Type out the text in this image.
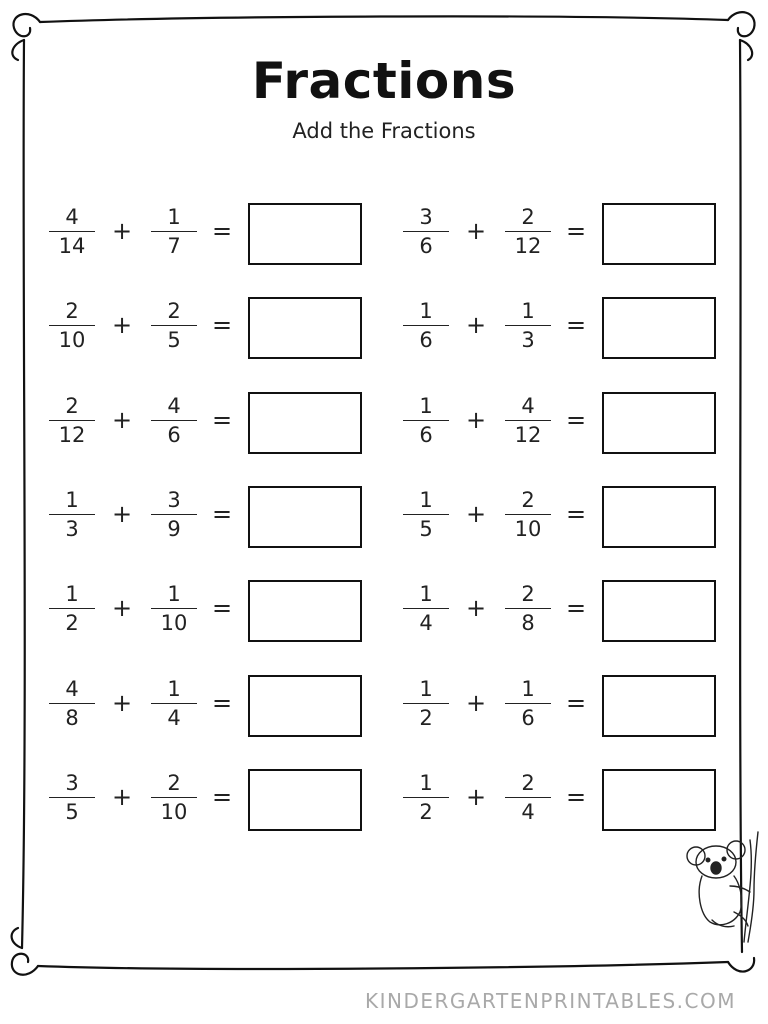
Fractions
Add the Fractions
4
14
+	1
7
=
2
10
+	2
5
=
2
12
+	4
6
=
1
3
+	3
9
=
1
2
+	1
10
=
4
8
+	1
4
=
3
5
+	2
10
=
3
6
+	2
12
=
1
6
+	1
3
=
1
6
+	4
12
=
1
5
+	2
10
=
1
4
+	2
8
=
1
2
+	1
6
=
1
2
+	2
4
=
KINDERGARTENPRINTABLES.COM
